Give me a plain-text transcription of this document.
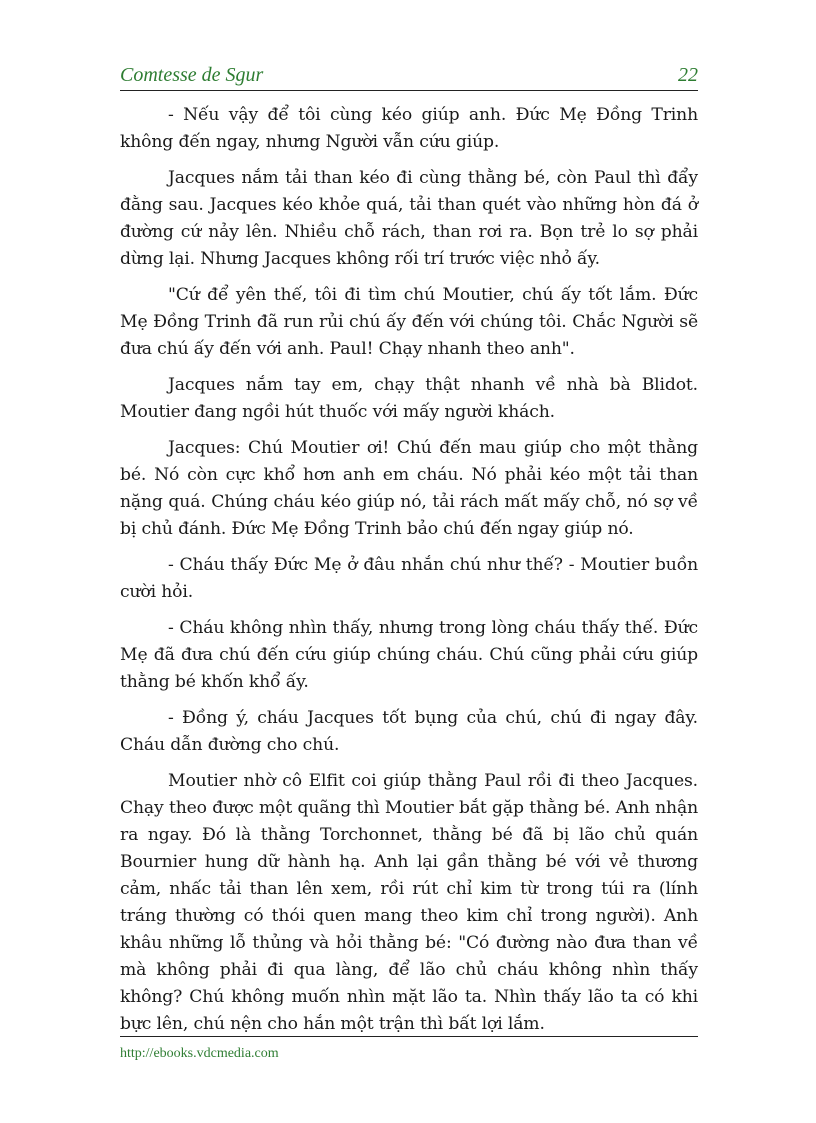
Comtesse de Sgur	22

- Nếu vậy để tôi cùng kéo giúp anh. Đức Mẹ Đồng Trinh không đến ngay, nhưng Người vẫn cứu giúp.

Jacques nắm tải than kéo đi cùng thằng bé, còn Paul thì đẩy đằng sau. Jacques kéo khỏe quá, tải than quét vào những hòn đá ở đường cứ nảy lên. Nhiều chỗ rách, than rơi ra. Bọn trẻ lo sợ phải dừng lại. Nhưng Jacques không rối trí trước việc nhỏ ấy.

"Cứ để yên thế, tôi đi tìm chú Moutier, chú ấy tốt lắm. Đức Mẹ Đồng Trinh đã run rủi chú ấy đến với chúng tôi. Chắc Người sẽ đưa chú ấy đến với anh. Paul! Chạy nhanh theo anh".

Jacques nắm tay em, chạy thật nhanh về nhà bà Blidot. Moutier đang ngồi hút thuốc với mấy người khách.

Jacques: Chú Moutier ơi! Chú đến mau giúp cho một thằng bé. Nó còn cực khổ hơn anh em cháu. Nó phải kéo một tải than nặng quá. Chúng cháu kéo giúp nó, tải rách mất mấy chỗ, nó sợ về bị chủ đánh. Đức Mẹ Đồng Trinh bảo chú đến ngay giúp nó.

- Cháu thấy Đức Mẹ ở đâu nhắn chú như thế? - Moutier buồn cười hỏi.

- Cháu không nhìn thấy, nhưng trong lòng cháu thấy thế. Đức Mẹ đã đưa chú đến cứu giúp chúng cháu. Chú cũng phải cứu giúp thằng bé khốn khổ ấy.

- Đồng ý, cháu Jacques tốt bụng của chú, chú đi ngay đây. Cháu dẫn đường cho chú.

Moutier nhờ cô Elfit coi giúp thằng Paul rồi đi theo Jacques. Chạy theo được một quãng thì Moutier bắt gặp thằng bé. Anh nhận ra ngay. Đó là thằng Torchonnet, thằng bé đã bị lão chủ quán Bournier hung dữ hành hạ. Anh lại gần thằng bé với vẻ thương cảm, nhấc tải than lên xem, rồi rút chỉ kim từ trong túi ra (lính tráng thường có thói quen mang theo kim chỉ trong người). Anh khâu những lỗ thủng và hỏi thằng bé: "Có đường nào đưa than về mà không phải đi qua làng, để lão chủ cháu không nhìn thấy không? Chú không muốn nhìn mặt lão ta. Nhìn thấy lão ta có khi bực lên, chú nện cho hắn một trận thì bất lợi lắm.

http://ebooks.vdcmedia.com
